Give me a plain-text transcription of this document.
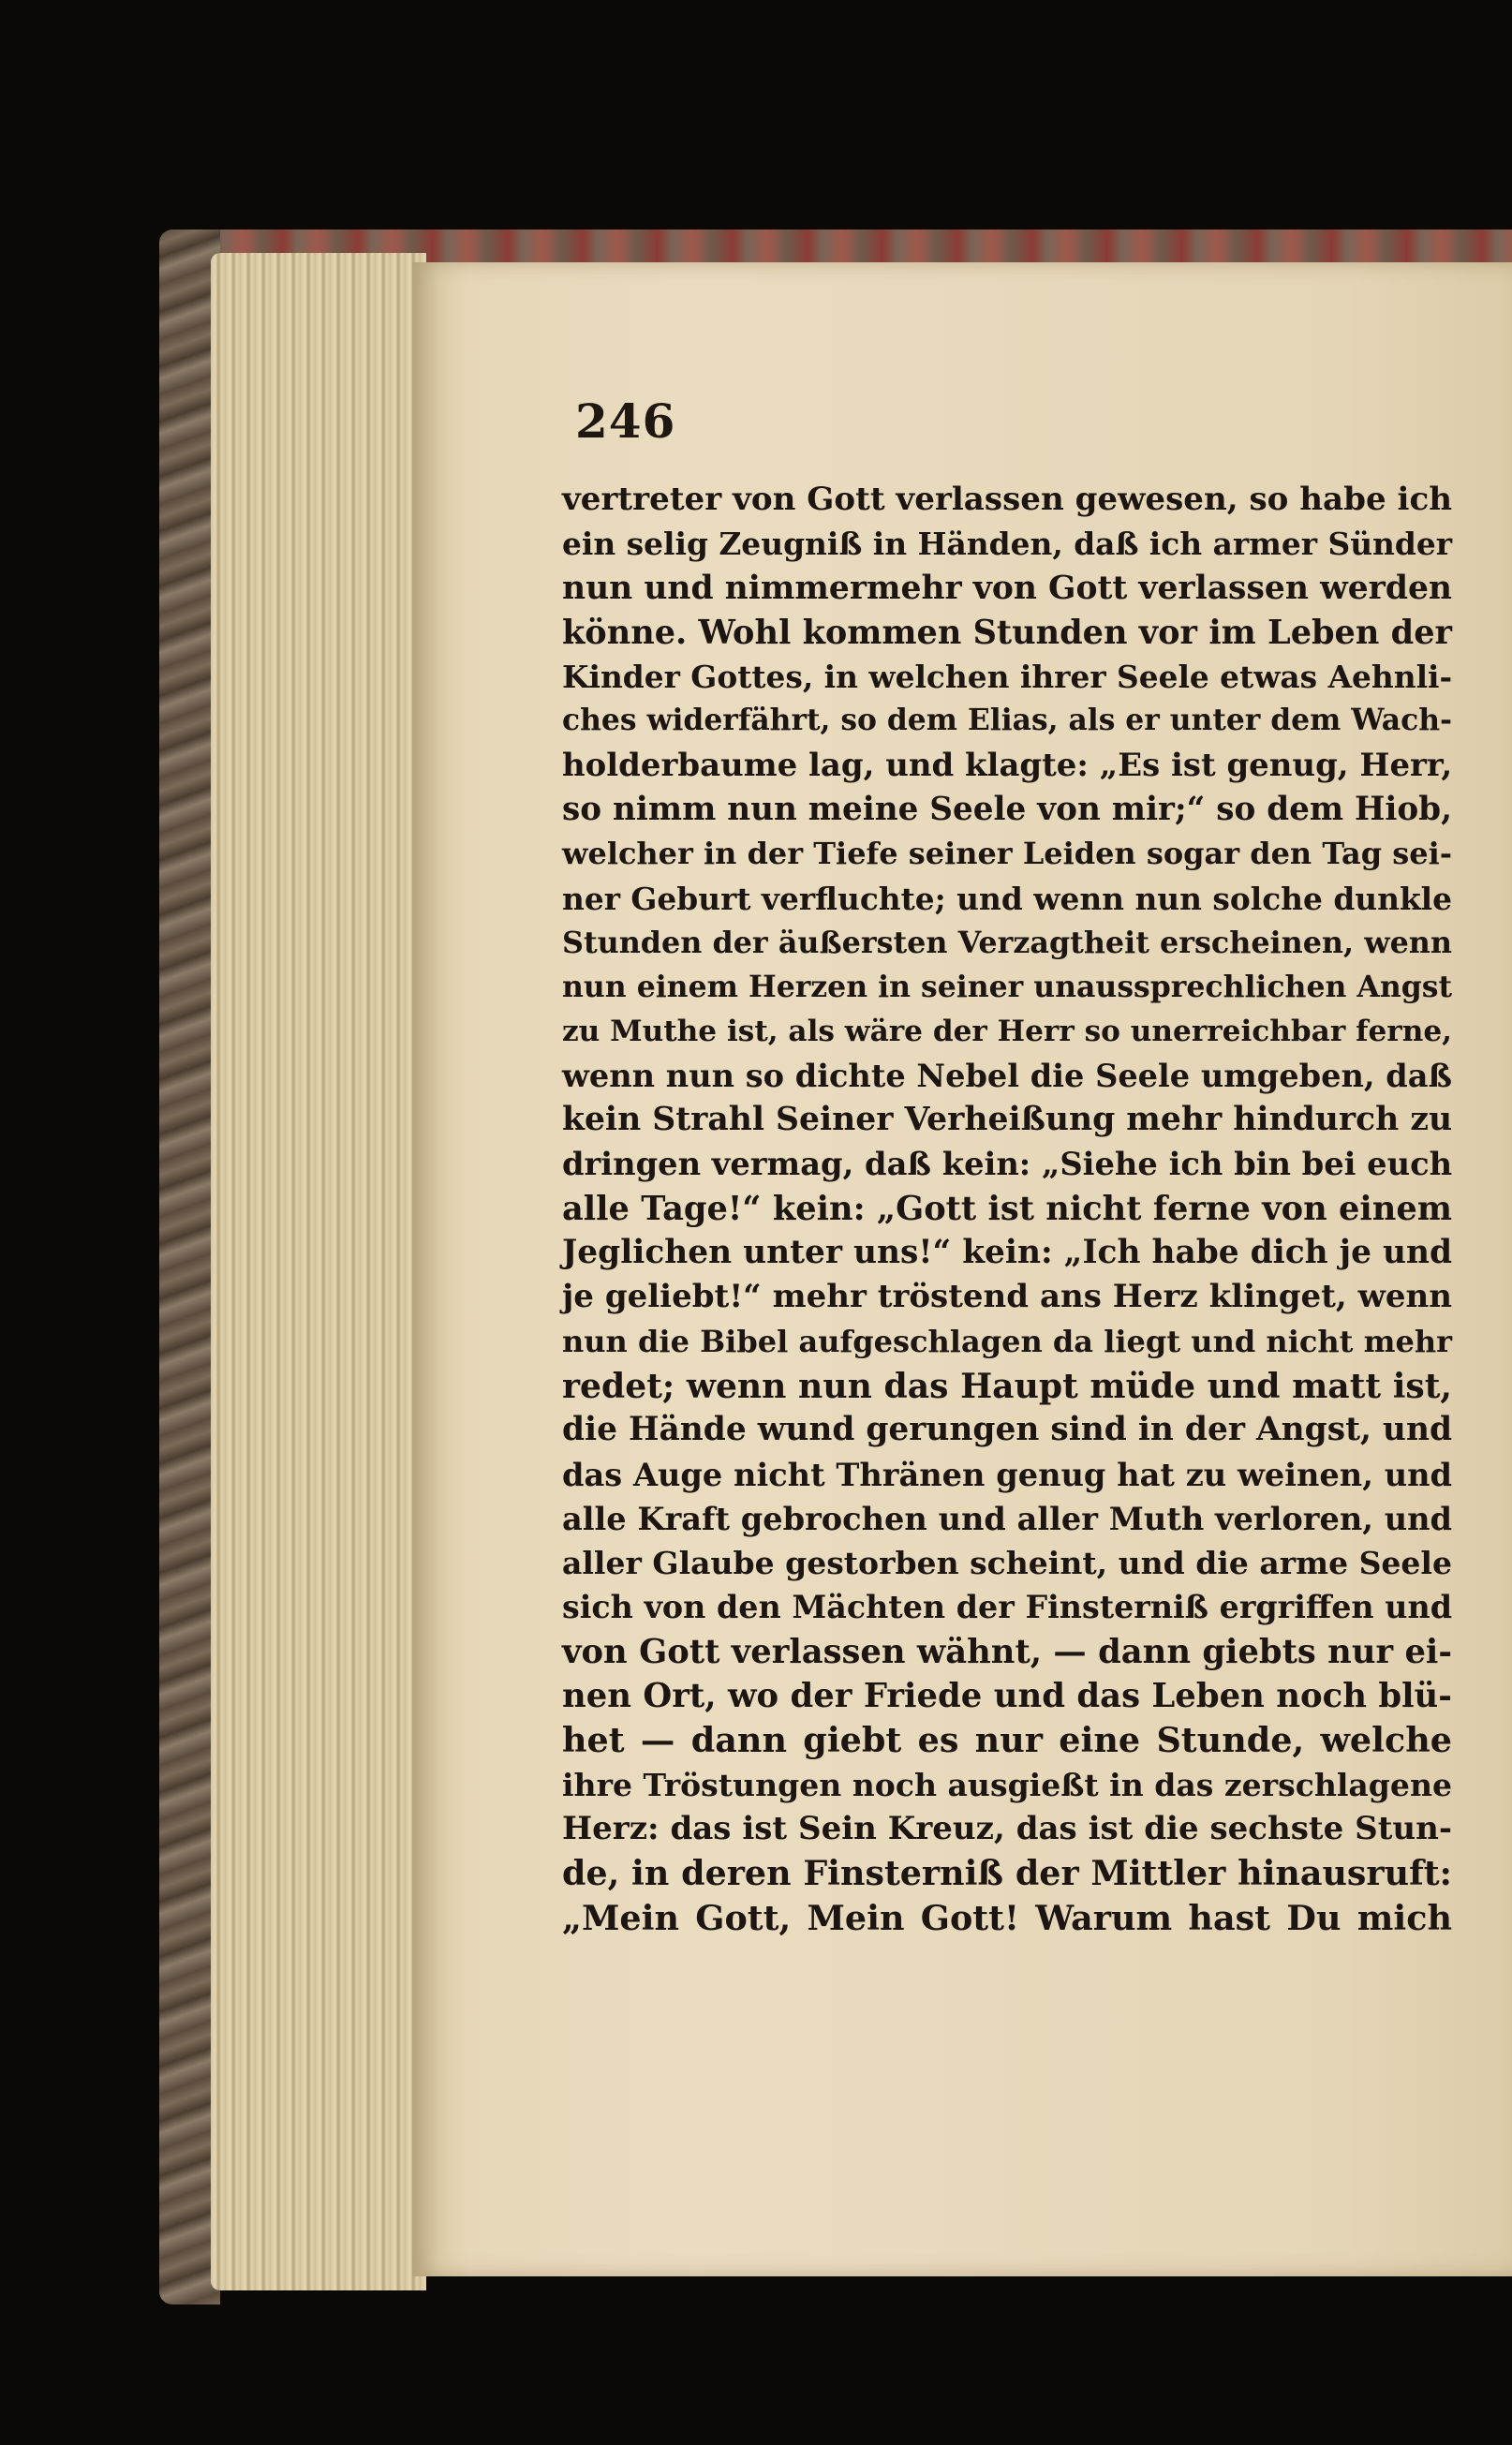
246
vertreter von Gott verlassen gewesen, so habe ich
ein selig Zeugniß in Händen, daß ich armer Sünder
nun und nimmermehr von Gott verlassen werden
könne. Wohl kommen Stunden vor im Leben der
Kinder Gottes, in welchen ihrer Seele etwas Aehnli-
ches widerfährt, so dem Elias, als er unter dem Wach-
holderbaume lag, und klagte: „Es ist genug, Herr,
so nimm nun meine Seele von mir;“ so dem Hiob,
welcher in der Tiefe seiner Leiden sogar den Tag sei-
ner Geburt verfluchte; und wenn nun solche dunkle
Stunden der äußersten Verzagtheit erscheinen, wenn
nun einem Herzen in seiner unaussprechlichen Angst
zu Muthe ist, als wäre der Herr so unerreichbar ferne,
wenn nun so dichte Nebel die Seele umgeben, daß
kein Strahl Seiner Verheißung mehr hindurch zu
dringen vermag, daß kein: „Siehe ich bin bei euch
alle Tage!“ kein: „Gott ist nicht ferne von einem
Jeglichen unter uns!“ kein: „Ich habe dich je und
je geliebt!“ mehr tröstend ans Herz klinget, wenn
nun die Bibel aufgeschlagen da liegt und nicht mehr
redet; wenn nun das Haupt müde und matt ist,
die Hände wund gerungen sind in der Angst, und
das Auge nicht Thränen genug hat zu weinen, und
alle Kraft gebrochen und aller Muth verloren, und
aller Glaube gestorben scheint, und die arme Seele
sich von den Mächten der Finsterniß ergriffen und
von Gott verlassen wähnt, — dann giebts nur ei-
nen Ort, wo der Friede und das Leben noch blü-
het — dann giebt es nur eine Stunde, welche
ihre Tröstungen noch ausgießt in das zerschlagene
Herz: das ist Sein Kreuz, das ist die sechste Stun-
de, in deren Finsterniß der Mittler hinausruft:
„Mein Gott, Mein Gott! Warum hast Du mich
